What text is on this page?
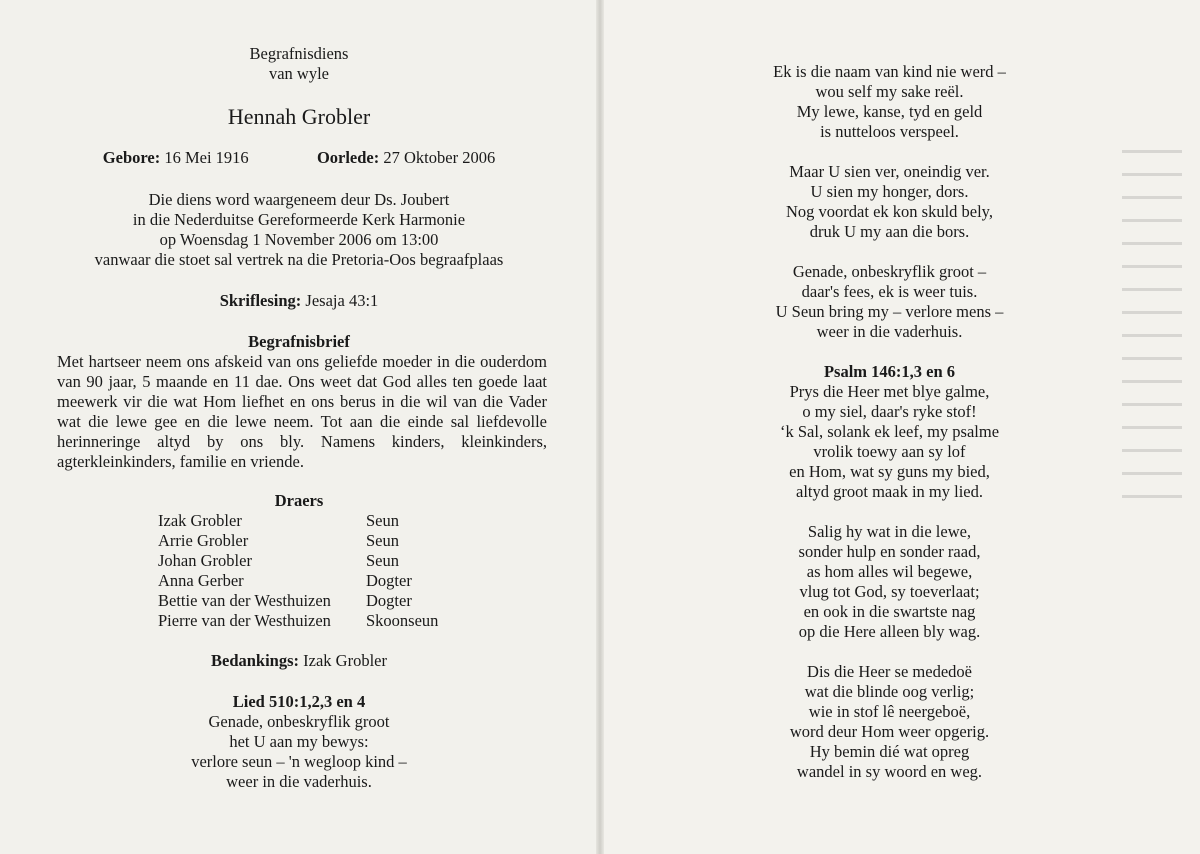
Begrafnisdiens
van wyle
Hennah Grobler
Gebore: 16 Mei 1916	Oorlede: 27 Oktober 2006
Die diens word waargeneem deur Ds. Joubert
in die Nederduitse Gereformeerde Kerk Harmonie
op Woensdag 1 November 2006 om 13:00
vanwaar die stoet sal vertrek na die Pretoria-Oos begraafplaas
Skriflesing: Jesaja 43:1
Begrafnisbrief
Met hartseer neem ons afskeid van ons geliefde moeder in die ouderdom van 90 jaar, 5 maande en 11 dae. Ons weet dat God alles ten goede laat meewerk vir die wat Hom liefhet en ons berus in die wil van die Vader wat die lewe gee en die lewe neem. Tot aan die einde sal liefdevolle herinneringe altyd by ons bly. Namens kinders, kleinkinders, agterkleinkinders, familie en vriende.
Draers
Izak Grobler	Seun
Arrie Grobler	Seun
Johan Grobler	Seun
Anna Gerber	Dogter
Bettie van der Westhuizen	Dogter
Pierre van der Westhuizen	Skoonseun
Bedankings: Izak Grobler
Lied 510:1,2,3 en 4
Genade, onbeskryflik groot
het U aan my bewys:
verlore seun – 'n wegloop kind –
weer in die vaderhuis.
Ek is die naam van kind nie werd –
wou self my sake reël.
My lewe, kanse, tyd en geld
is nutteloos verspeel.
Maar U sien ver, oneindig ver.
U sien my honger, dors.
Nog voordat ek kon skuld bely,
druk U my aan die bors.
Genade, onbeskryflik groot –
daar's fees, ek is weer tuis.
U Seun bring my – verlore mens –
weer in die vaderhuis.
Psalm 146:1,3 en 6
Prys die Heer met blye galme,
o my siel, daar's ryke stof!
‘k Sal, solank ek leef, my psalme
vrolik toewy aan sy lof
en Hom, wat sy guns my bied,
altyd groot maak in my lied.
Salig hy wat in die lewe,
sonder hulp en sonder raad,
as hom alles wil begewe,
vlug tot God, sy toeverlaat;
en ook in die swartste nag
op die Here alleen bly wag.
Dis die Heer se mededoë
wat die blinde oog verlig;
wie in stof lê neergeboë,
word deur Hom weer opgerig.
Hy bemin dié wat opreg
wandel in sy woord en weg.
